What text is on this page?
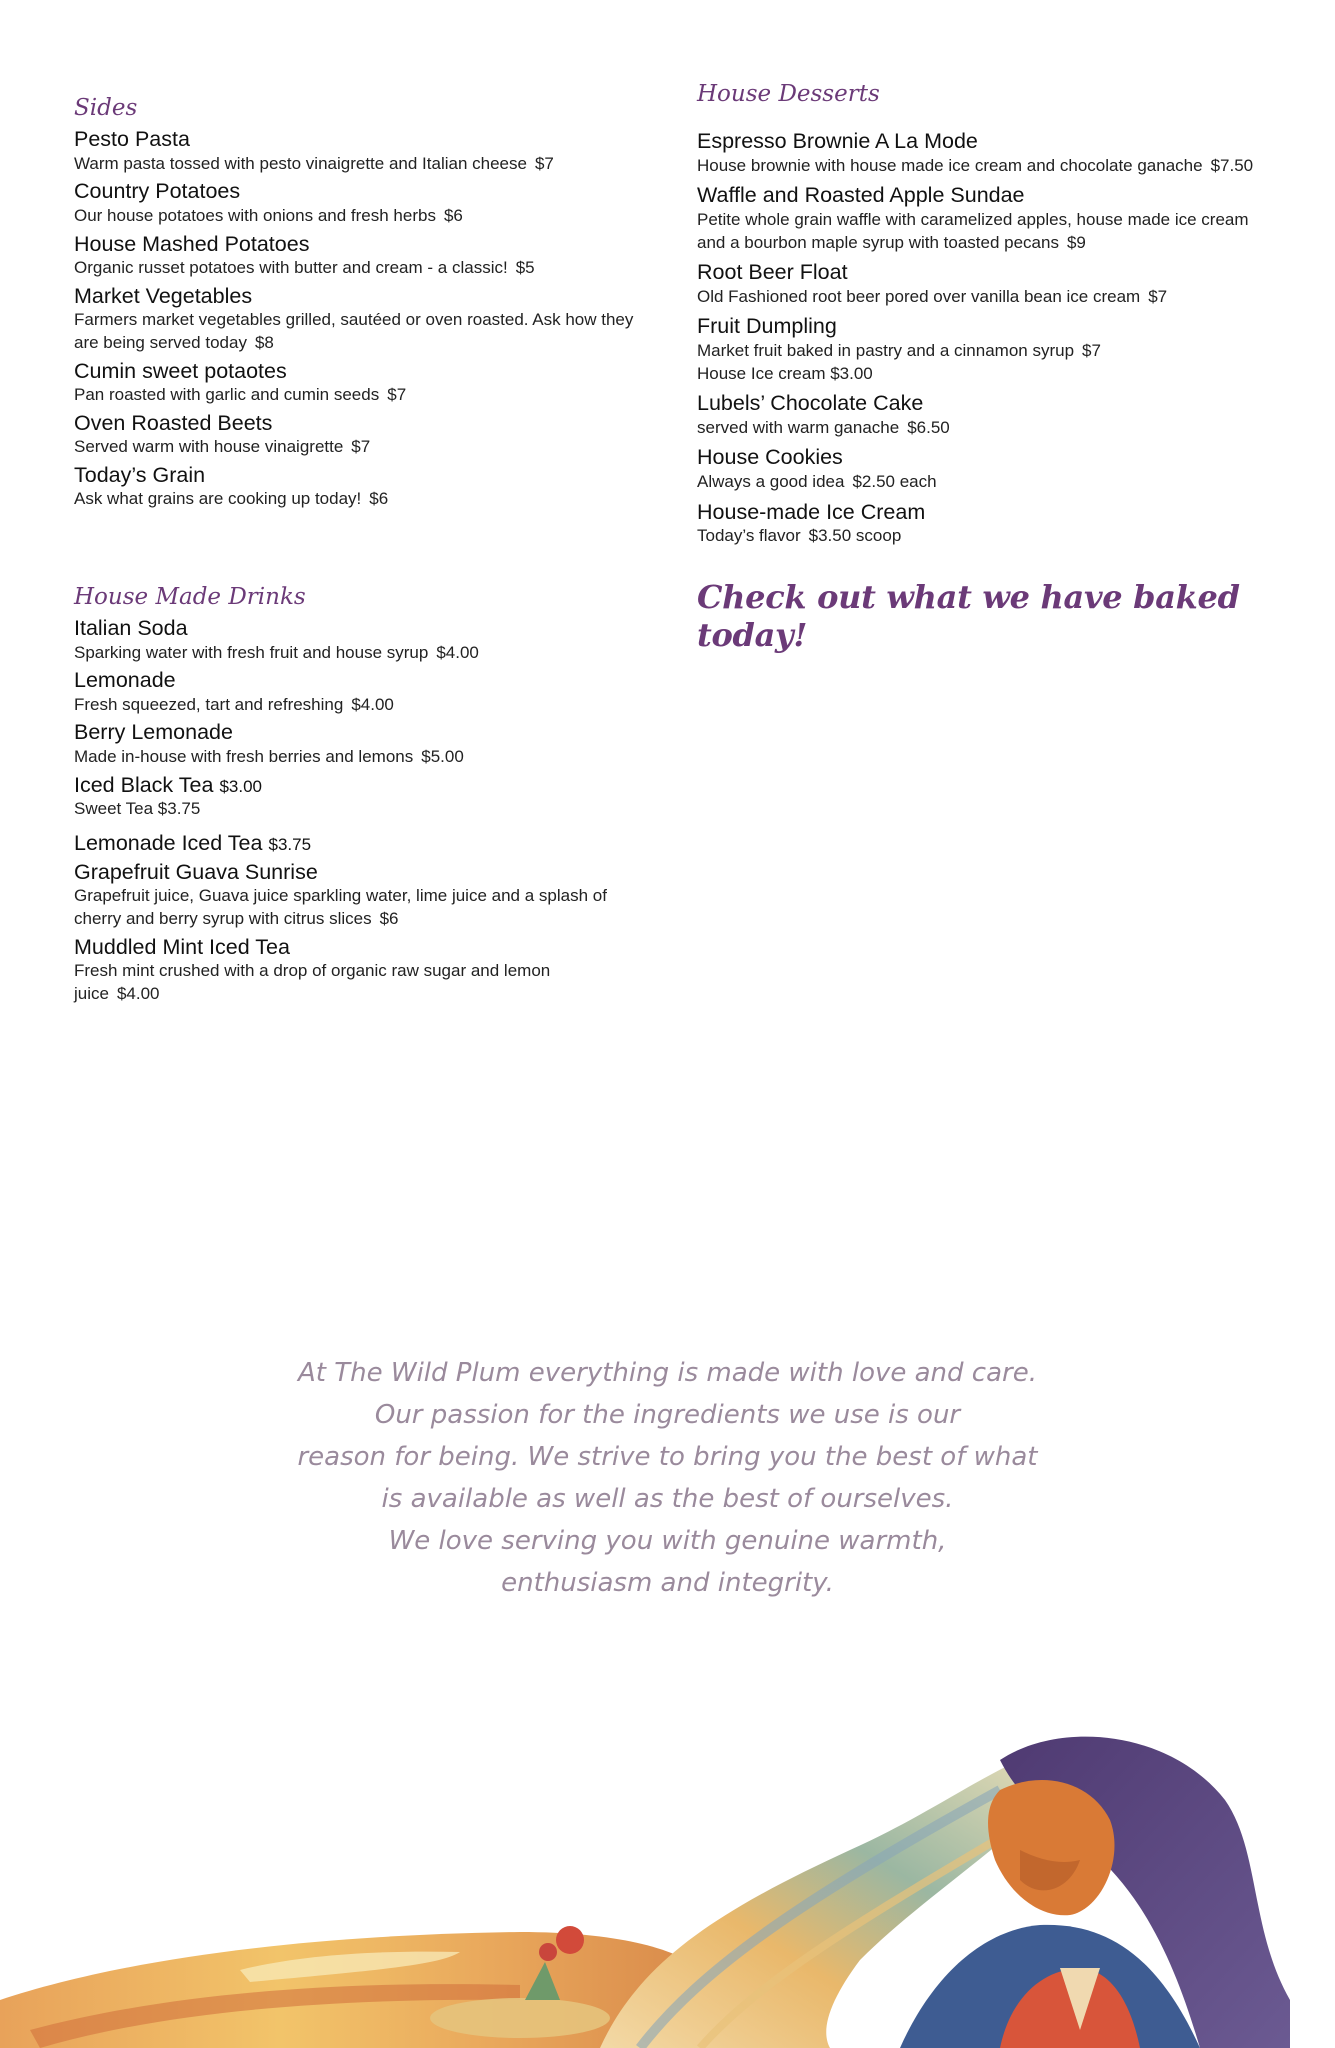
Sides
Pesto Pasta
Warm pasta tossed with pesto vinaigrette and Italian cheese $7
Country Potatoes
Our house potatoes with onions and fresh herbs $6
House Mashed Potatoes
Organic russet potatoes with butter and cream - a classic! $5
Market Vegetables
Farmers market vegetables grilled, sautéed or oven roasted. Ask how they are being served today $8
Cumin sweet potaotes
Pan roasted with garlic and cumin seeds $7
Oven Roasted Beets
Served warm with house vinaigrette $7
Today’s Grain
Ask what grains are cooking up today! $6
House Made Drinks
Italian Soda
Sparking water with fresh fruit and house syrup $4.00
Lemonade
Fresh squeezed, tart and refreshing $4.00
Berry Lemonade
Made in-house with fresh berries and lemons $5.00
Iced Black Tea $3.00
Sweet Tea $3.75
Lemonade Iced Tea $3.75
Grapefruit Guava Sunrise
Grapefruit juice, Guava juice sparkling water, lime juice and a splash of cherry and berry syrup with citrus slices $6
Muddled Mint Iced Tea
Fresh mint crushed with a drop of organic raw sugar and lemon juice $4.00
House Desserts
Espresso Brownie A La Mode
House brownie with house made ice cream and chocolate ganache $7.50
Waffle and Roasted Apple Sundae
Petite whole grain waffle with caramelized apples, house made ice cream and a bourbon maple syrup with toasted pecans $9
Root Beer Float
Old Fashioned root beer pored over vanilla bean ice cream $7
Fruit Dumpling
Market fruit baked in pastry and a cinnamon syrup $7
House Ice cream $3.00
Lubels’ Chocolate Cake
served with warm ganache $6.50
House Cookies
Always a good idea $2.50 each
House-made Ice Cream
Today’s flavor $3.50 scoop
Check out what we have baked today!
At The Wild Plum everything is made with love and care.
Our passion for the ingredients we use is our
reason for being. We strive to bring you the best of what
is available as well as the best of ourselves.
We love serving you with genuine warmth,
enthusiasm and integrity.
